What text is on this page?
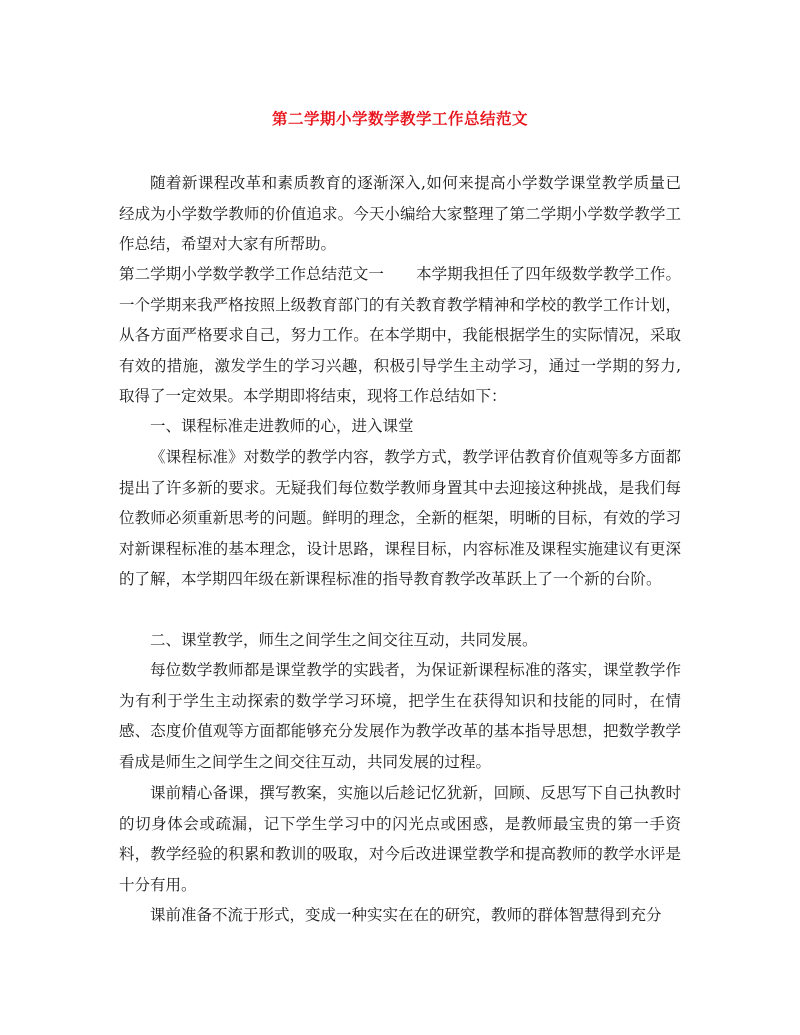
第二学期小学数学教学工作总结范文

随着新课程改革和素质教育的逐渐深入,如何来提高小学数学课堂教学质量已经成为小学数学教师的价值追求。今天小编给大家整理了第二学期小学数学教学工作总结，希望对大家有所帮助。

第二学期小学数学教学工作总结范文一 本学期我担任了四年级数学教学工作。一个学期来我严格按照上级教育部门的有关教育教学精神和学校的教学工作计划，从各方面严格要求自己，努力工作。在本学期中，我能根据学生的实际情况，采取有效的措施，激发学生的学习兴趣，积极引导学生主动学习，通过一学期的努力,取得了一定效果。本学期即将结束，现将工作总结如下：

一、课程标准走进教师的心，进入课堂

《课程标准》对数学的教学内容，教学方式，教学评估教育价值观等多方面都提出了许多新的要求。无疑我们每位数学教师身置其中去迎接这种挑战，是我们每位教师必须重新思考的问题。鲜明的理念，全新的框架，明晰的目标，有效的学习对新课程标准的基本理念，设计思路，课程目标，内容标准及课程实施建议有更深的了解，本学期四年级在新课程标准的指导教育教学改革跃上了一个新的台阶。

二、课堂教学，师生之间学生之间交往互动，共同发展。

每位数学教师都是课堂教学的实践者，为保证新课程标准的落实，课堂教学作为有利于学生主动探索的数学学习环境，把学生在获得知识和技能的同时，在情感、态度价值观等方面都能够充分发展作为教学改革的基本指导思想，把数学教学看成是师生之间学生之间交往互动，共同发展的过程。

课前精心备课，撰写教案，实施以后趁记忆犹新，回顾、反思写下自己执教时的切身体会或疏漏，记下学生学习中的闪光点或困惑，是教师最宝贵的第一手资料，教学经验的积累和教训的吸取，对今后改进课堂教学和提高教师的教学水评是十分有用。

课前准备不流于形式，变成一种实实在在的研究，教师的群体智慧得到充分
